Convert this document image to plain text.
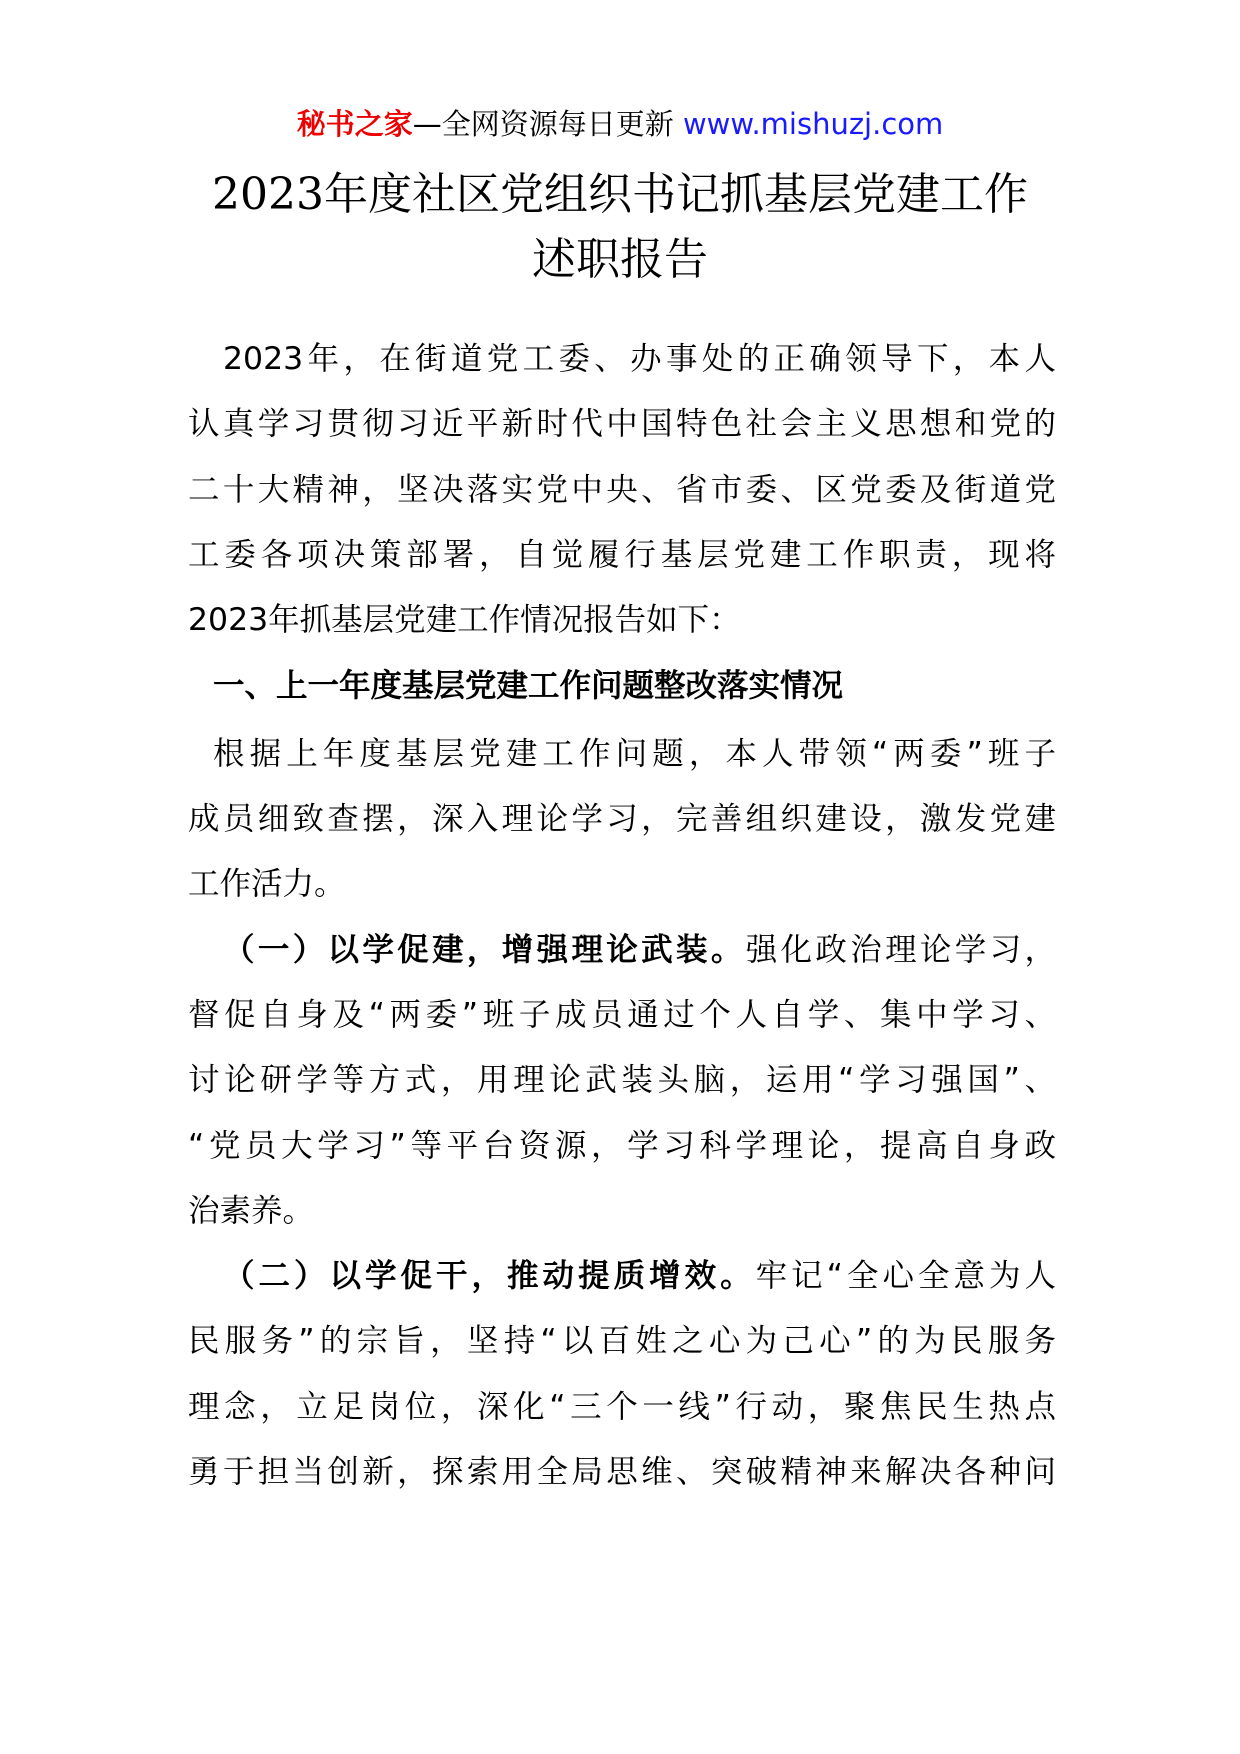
秘书之家—全网资源每日更新 www.mishuzj.com
2023年度社区党组织书记抓基层党建工作
述职报告

2023年，在街道党工委、办事处的正确领导下，本人
认真学习贯彻习近平新时代中国特色社会主义思想和党的
二十大精神，坚决落实党中央、省市委、区党委及街道党
工委各项决策部署，自觉履行基层党建工作职责，现将
2023年抓基层党建工作情况报告如下：

一、上一年度基层党建工作问题整改落实情况

根据上年度基层党建工作问题，本人带领“两委”班子
成员细致查摆，深入理论学习，完善组织建设，激发党建
工作活力。

（一）以学促建，增强理论武装。强化政治理论学习，
督促自身及“两委”班子成员通过个人自学、集中学习、
讨论研学等方式，用理论武装头脑，运用“学习强国”、
“党员大学习”等平台资源，学习科学理论，提高自身政
治素养。

（二）以学促干，推动提质增效。牢记“全心全意为人
民服务”的宗旨，坚持“以百姓之心为己心”的为民服务
理念，立足岗位，深化“三个一线”行动，聚焦民生热点
勇于担当创新，探索用全局思维、突破精神来解决各种问
